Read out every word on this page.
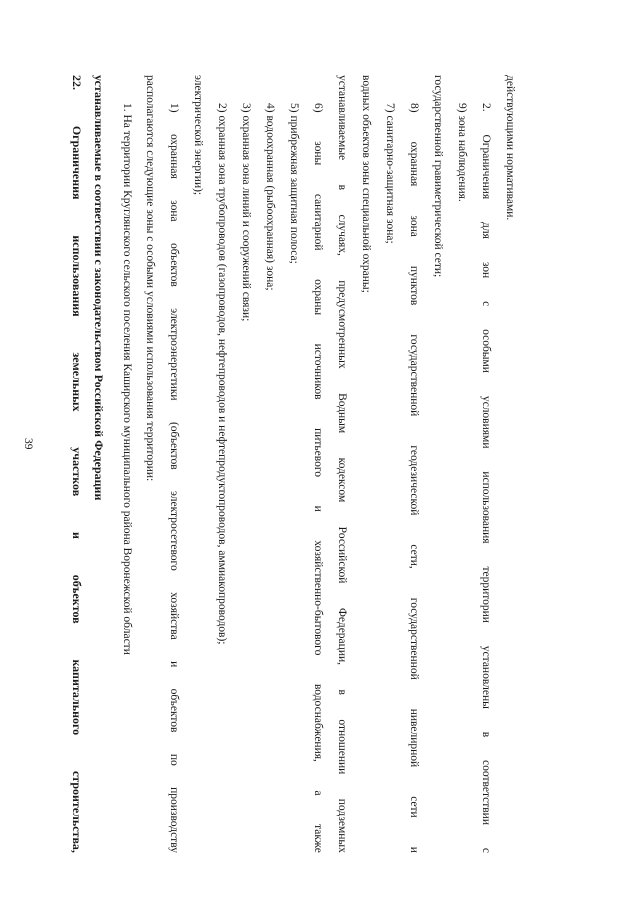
39
22.
Ограничения
использования
земельных
участков
и
объектов
капитального
строительства,
устанавливаемые в соответствии с законодательством Российской Федерации 1. На территории Круглянского сельского поселения Каширского муниципального района Воронежской области располагаются следующие зоны с особыми условиями использования территории: 1)
охранная
зона
объектов
электроэнергетики
(объектов
электросетевого
хозяйства
и
объектов
по
производству
электрической энергии); 2) охранная зона трубопроводов (газопроводов, нефтепроводов и нефтепродуктопроводов, аммиакопроводов); 3) охранная зона линий и сооружений связи; 4) водоохранная (рыбоохранная) зона; 5) прибрежная защитная полоса; 6)
зоны
санитарной
охраны
источников
питьевого
и
хозяйственно-бытового
водоснабжения,
а
также
устанавливаемые
в
случаях,
предусмотренных
Водным
кодексом
Российской
Федерации,
в
отношении
подземных
водных объектов зоны специальной охраны; 7) санитарно-защитная зона; 8)
охранная
зона
пунктов
государственной
геодезической
сети,
государственной
нивелирной
сети
и
государственной гравиметрической сети; 9) зона наблюдения. 2.
Ограничения
для
зон
с
особыми
условиями
использования
территории
установлены
в
соответствии
с
действующими нормативами.
